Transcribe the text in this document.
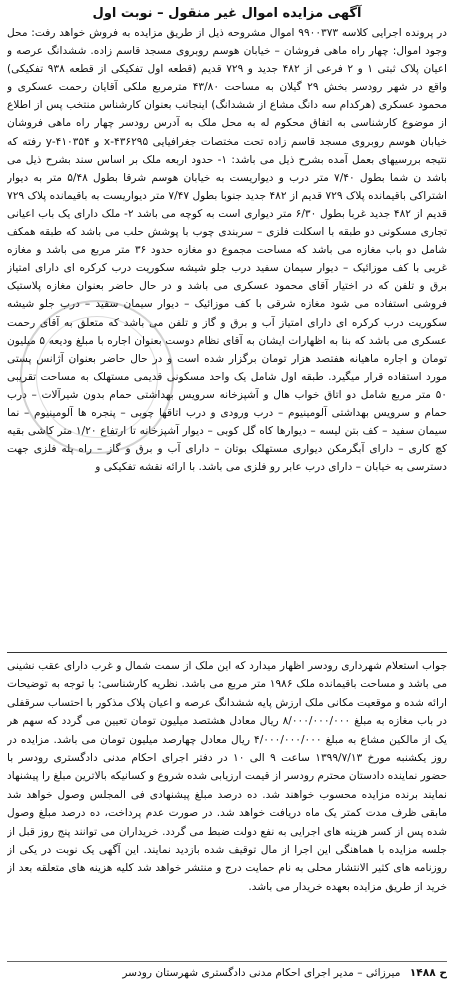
آگهی مزایده اموال غیر منقول – نوبت اول

در پرونده اجرایی کلاسه ۹۹۰۰۳۷۳ اموال مشروحه ذیل از طریق مزایده به فروش خواهد رفت: محل وجود اموال: چهار راه ماهی فروشان – خیابان هوسم روبروی مسجد قاسم زاده. ششدانگ عرصه و اعیان پلاک ثبتی ۱ و ۲ فرعی از ۴۸۲ جدید و ۷۲۹ قدیم (قطعه اول تفکیکی از قطعه ۹۳۸ تفکیکی) واقع در شهر رودسر بخش ۲۹ گیلان به مساحت ۴۳/۸۰ مترمربع ملکی آقایان رحمت عسکری و محمود عسکری (هرکدام سه دانگ مشاع از ششدانگ) اینجانب بعنوان کارشناس منتخب پس از اطلاع از موضوع کارشناسی به اتفاق محکوم له به محل ملک به آدرس رودسر چهار راه ماهی فروشان خیابان هوسم روبروی مسجد قاسم زاده تحت مختصات جغرافیایی x-۴۳۶۲۹۵ و y-۴۱۰۳۵۴ رفته که نتیجه بررسیهای بعمل آمده بشرح ذیل می باشد: ۱- حدود اربعه ملک بر اساس سند بشرح ذیل می باشد ن شما بطول ۷/۴۰ متر درب و دیواریست به خیابان هوسم شرقا بطول ۵/۴۸ متر به دیوار اشتراکی باقیمانده پلاک ۷۲۹ قدیم از ۴۸۲ جدید جنوبا بطول ۷/۴۷ متر دیواریست به باقیمانده پلاک ۷۲۹ قدیم از ۴۸۲ جدید غربا بطول ۶/۳۰ متر دیواری است به کوچه می باشد ۲- ملک دارای یک باب اعیانی تجاری مسکونی دو طبقه با اسکلت فلزی – سربندی چوب با پوشش حلب می باشد که طبقه همکف شامل دو باب مغازه می باشد که مساحت مجموع دو مغازه حدود ۳۶ متر مربع می باشد و مغازه غربی با کف موزائیک – دیوار سیمان سفید درب جلو شیشه سکوریت درب کرکره ای دارای امتیاز برق و تلفن که در اختیار آقای محمود عسکری می باشد و در حال حاضر بعنوان مغازه پلاستیک فروشی استفاده می شود مغازه شرقی با کف موزائیک – دیوار سیمان سفید – درب جلو شیشه سکوریت درب کرکره ای دارای امتیاز آب و برق و گاز و تلفن می باشد که متعلق به آقای رحمت عسکری می باشد که بنا به اظهارات ایشان به آقای نظام دوست بعنوان اجاره با مبلغ ودیعه ۵ میلیون تومان و اجاره ماهیانه هفتصد هزار تومان برگزار شده است و در حال حاضر بعنوان آژانس پستی مورد استفاده قرار میگیرد. طبقه اول شامل یک واحد مسکونی قدیمی مستهلک به مساحت تقریبی ۵۰ متر مربع شامل دو اتاق خواب هال و آشپزخانه سرویس بهداشتی حمام بدون شیرآلات – درب حمام و سرویس بهداشتی آلومینیوم – درب ورودی و درب اتاقها چوبی – پنجره ها آلومینیوم – نما سیمان سفید – کف بتن لیسه – دیوارها کاه گل کوبی – دیوار آشپزخانه تا ارتفاع ۱/۲۰ متر کاشی بقیه کچ کاری – دارای آبگرمکن دیواری مستهلک بوتان – دارای آب و برق و گاز – راه پله فلزی جهت دسترسی به خیابان – دارای درب عابر رو فلزی می باشد. با ارائه نقشه تفکیکی و

جواب استعلام شهرداری رودسر اظهار میدارد که این ملک از سمت شمال و غرب دارای عقب نشینی می باشد و مساحت باقیمانده ملک ۱۹۸۶ متر مربع می باشد. نظریه کارشناسی: با توجه به توضیحات ارائه شده و موقعیت مکانی ملک ارزش پایه ششدانگ عرصه و اعیان پلاک مذکور با احتساب سرقفلی در باب مغازه به مبلغ ۸/۰۰۰/۰۰۰/۰۰۰ ریال معادل هشتصد میلیون تومان تعیین می گردد که سهم هر یک از مالکین مشاع به مبلغ ۴/۰۰۰/۰۰۰/۰۰۰ ریال معادل چهارصد میلیون تومان می باشد. مزایده در روز یکشنبه مورخ ۱۳۹۹/۷/۱۳ ساعت ۹ الی ۱۰ در دفتر اجرای احکام مدنی دادگستری رودسر با حضور نماینده دادستان محترم رودسر از قیمت ارزیابی شده شروع و کسانیکه بالاترین مبلغ را پیشنهاد نمایند برنده مزایده محسوب خواهند شد. ده درصد مبلغ پیشنهادی فی المجلس وصول خواهد شد مابقی ظرف مدت کمتر یک ماه دریافت خواهد شد. در صورت عدم پرداخت، ده درصد مبلغ وصول شده پس از کسر هزینه های اجرایی به نفع دولت ضبط می گردد. خریداران می توانند پنج روز قبل از جلسه مزایده با هماهنگی این اجرا از مال توقیف شده بازدید نمایند. این آگهی یک نوبت در یکی از روزنامه های کثیر الانتشار محلی به نام حمایت درج و منتشر خواهد شد کلیه هزینه های متعلقه بعد از خرید از طریق مزایده بعهده خریدار می باشد.

ح ۱۴۸۸ میرزائی – مدیر اجرای احکام مدنی دادگستری شهرستان رودسر
